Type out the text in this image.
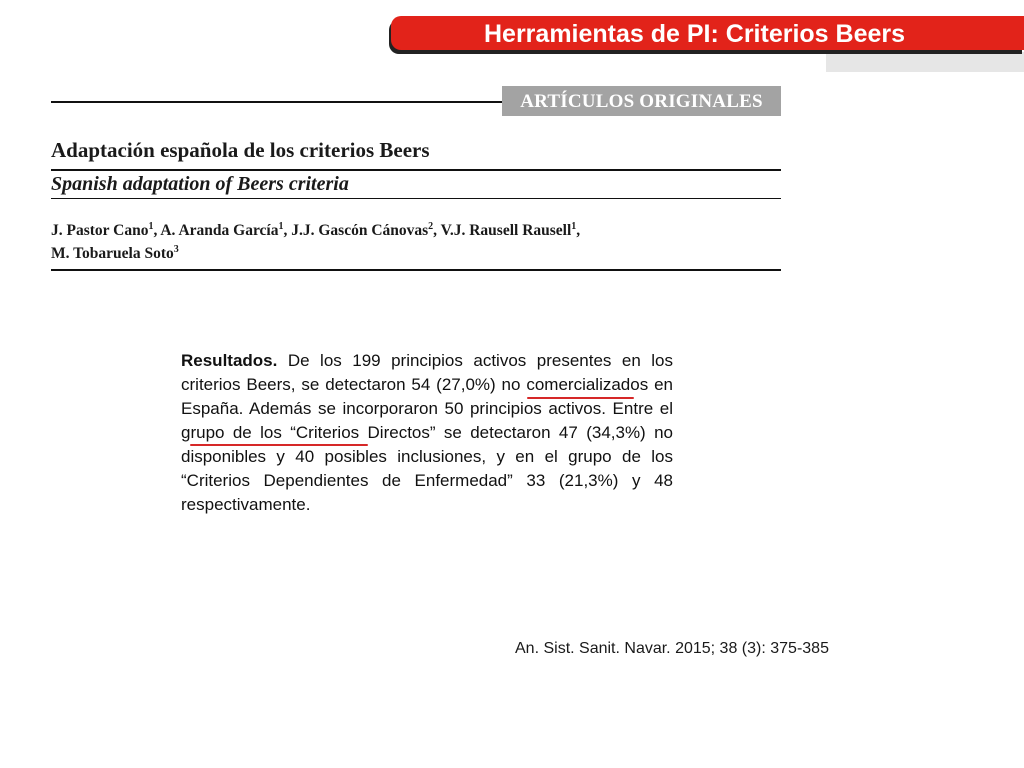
Herramientas de PI: Criterios Beers
ARTÍCULOS ORIGINALES
Adaptación española de los criterios Beers
Spanish adaptation of Beers criteria
J. Pastor Cano$^1$, A. Aranda García$^1$, J.J. Gascón Cánovas$^2$, V.J. Rausell Rausell$^1$,
M. Tobaruela Soto$^3$
Resultados. De los 199 principios activos presentes en los criterios Beers, se detectaron 54 (27,0%) no comercializados en España. Además se incorporaron 50 principios activos. Entre el grupo de los “Criterios Directos” se detectaron 47 (34,3%) no disponibles y 40 posibles inclusiones, y en el grupo de los “Criterios Dependientes de Enfermedad” 33 (21,3%) y 48 respectivamente.
An. Sist. Sanit. Navar. 2015; 38 (3): 375-385
